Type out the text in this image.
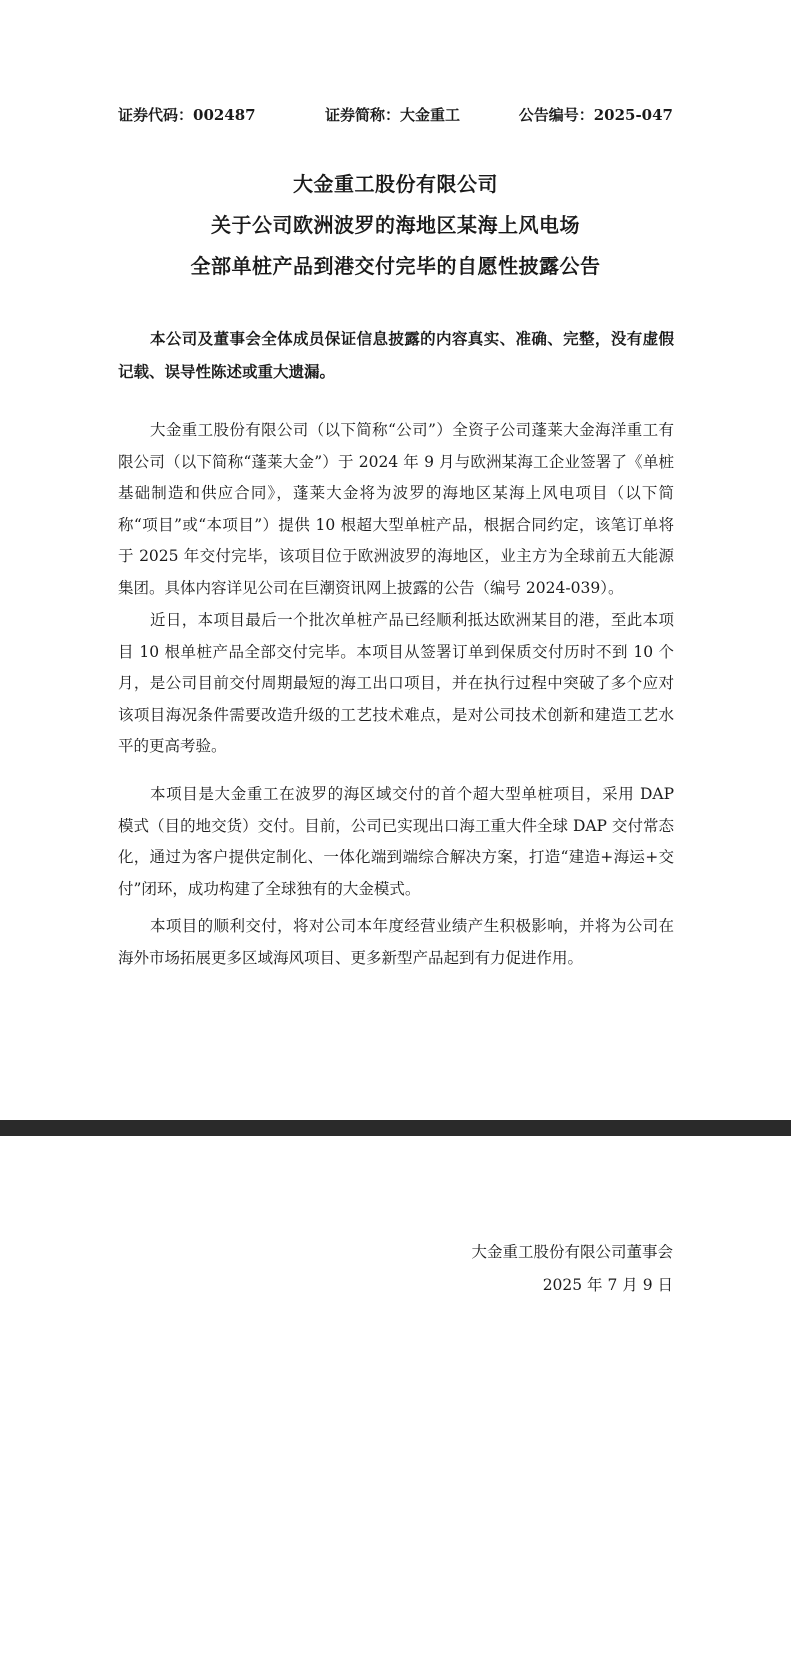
证券代码：002487	证券简称：大金重工	公告编号：2025-047
大金重工股份有限公司
关于公司欧洲波罗的海地区某海上风电场
全部单桩产品到港交付完毕的自愿性披露公告

本公司及董事会全体成员保证信息披露的内容真实、准确、完整，没有虚假记载、误导性陈述或重大遗漏。

大金重工股份有限公司（以下简称“公司”）全资子公司蓬莱大金海洋重工有限公司（以下简称“蓬莱大金”）于 2024 年 9 月与欧洲某海工企业签署了《单桩基础制造和供应合同》，蓬莱大金将为波罗的海地区某海上风电项目（以下简称“项目”或“本项目”）提供 10 根超大型单桩产品，根据合同约定，该笔订单将于 2025 年交付完毕，该项目位于欧洲波罗的海地区，业主方为全球前五大能源集团。具体内容详见公司在巨潮资讯网上披露的公告（编号 2024-039）。

近日，本项目最后一个批次单桩产品已经顺利抵达欧洲某目的港，至此本项目 10 根单桩产品全部交付完毕。本项目从签署订单到保质交付历时不到 10 个月，是公司目前交付周期最短的海工出口项目，并在执行过程中突破了多个应对该项目海况条件需要改造升级的工艺技术难点，是对公司技术创新和建造工艺水平的更高考验。

本项目是大金重工在波罗的海区域交付的首个超大型单桩项目，采用 DAP 模式（目的地交货）交付。目前，公司已实现出口海工重大件全球 DAP 交付常态化，通过为客户提供定制化、一体化端到端综合解决方案，打造“建造+海运+交付”闭环，成功构建了全球独有的大金模式。

本项目的顺利交付，将对公司本年度经营业绩产生积极影响，并将为公司在海外市场拓展更多区域海风项目、更多新型产品起到有力促进作用。

大金重工股份有限公司董事会
2025 年 7 月 9 日
